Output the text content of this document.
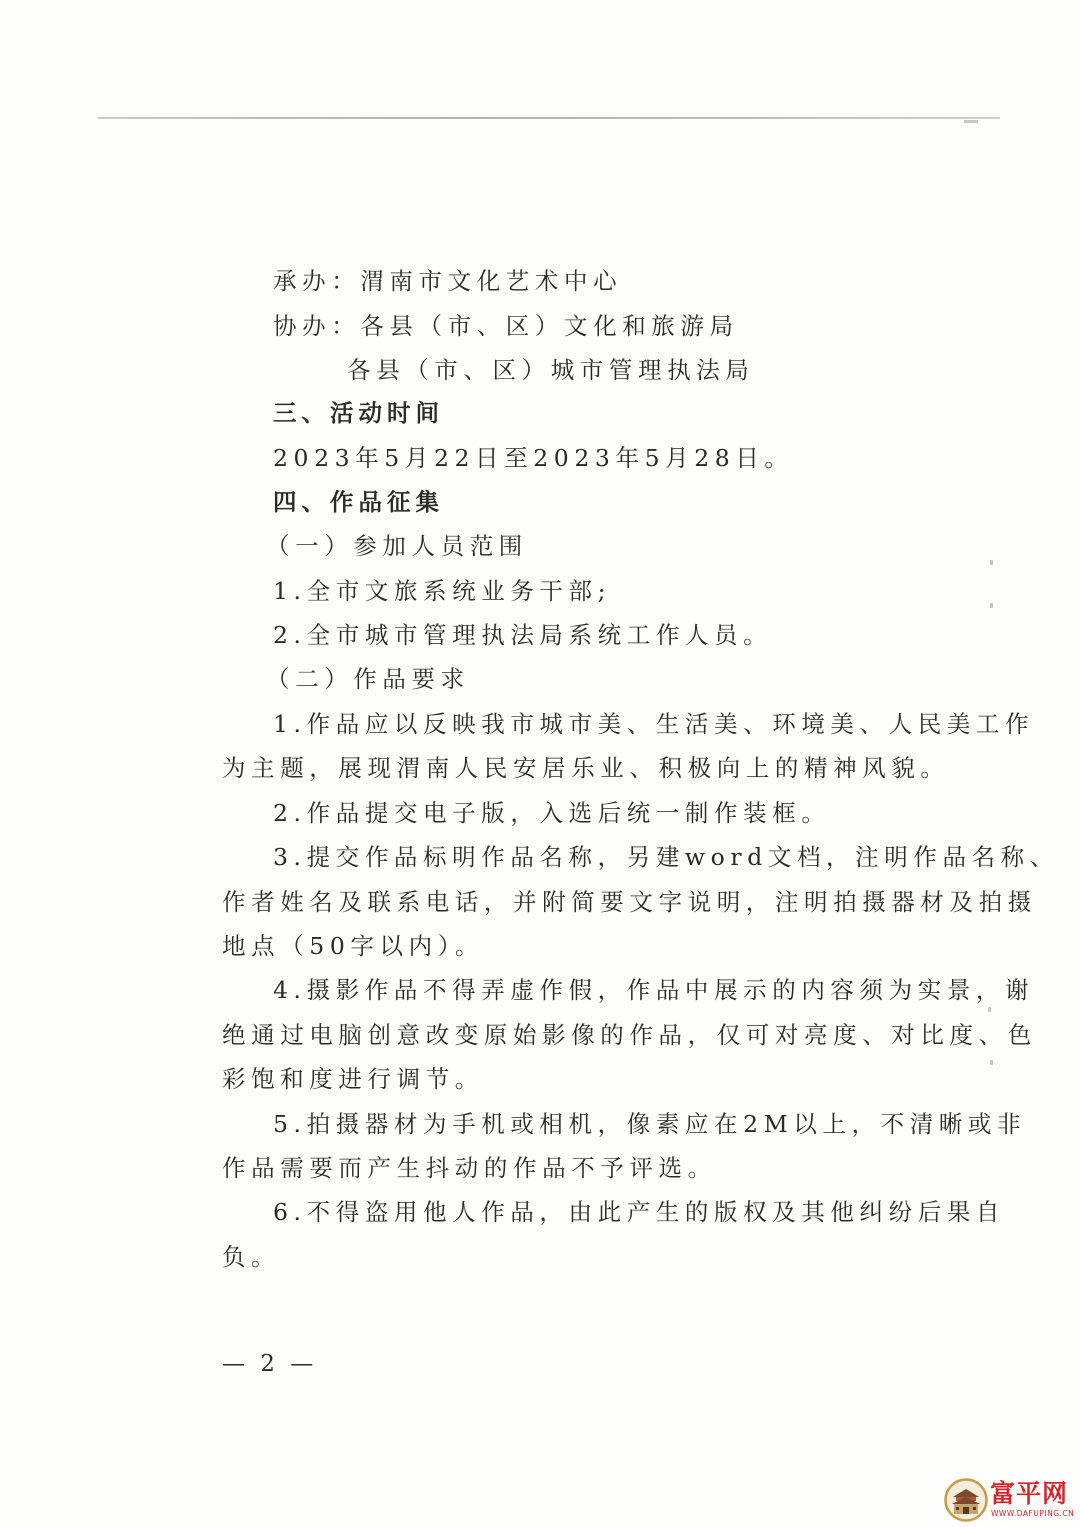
承办：渭南市文化艺术中心
协办：各县（市、区）文化和旅游局
各县（市、区）城市管理执法局
三、活动时间
2023年5月22日至2023年5月28日。
四、作品征集
（一）参加人员范围
1.全市文旅系统业务干部;
2.全市城市管理执法局系统工作人员。
（二）作品要求
1.作品应以反映我市城市美、生活美、环境美、人民美工作
为主题，展现渭南人民安居乐业、积极向上的精神风貌。
2.作品提交电子版，入选后统一制作装框。
3.提交作品标明作品名称，另建word文档，注明作品名称、
作者姓名及联系电话，并附简要文字说明，注明拍摄器材及拍摄
地点（50字以内）。
4.摄影作品不得弄虚作假，作品中展示的内容须为实景，谢
绝通过电脑创意改变原始影像的作品，仅可对亮度、对比度、色
彩饱和度进行调节。
5.拍摄器材为手机或相机，像素应在2M以上，不清晰或非
作品需要而产生抖动的作品不予评选。
6.不得盗用他人作品，由此产生的版权及其他纠纷后果自
负。
— 2 —
富平网
WWW.DAFUPING.CN
